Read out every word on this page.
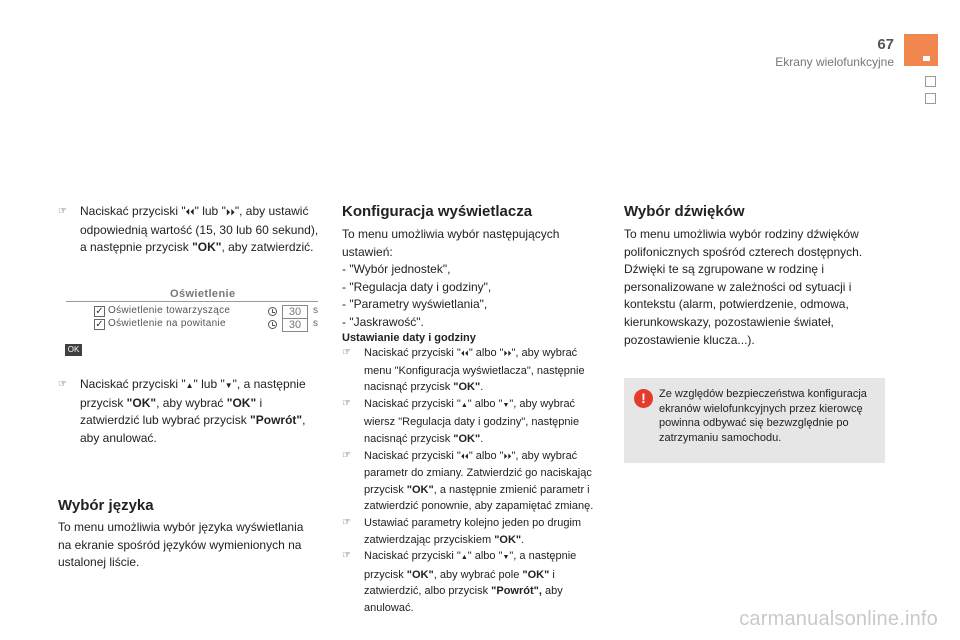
67
Ekrany wielofunkcyjne
☞ Naciskać przyciski "⏴⏴" lub "⏵⏵", aby ustawić odpowiednią wartość (15, 30 lub 60 sekund), a następnie przycisk "OK", aby zatwierdzić.
☞ Naciskać przyciski "▲" lub "▼", a następnie przycisk "OK", aby wybrać "OK" i zatwierdzić lub wybrać przycisk "Powrót", aby anulować.
Wybór języka
To menu umożliwia wybór języka wyświetlania na ekranie spośród języków wymienionych na ustalonej liście.
Oświetlenie
✓ Oświetlenie towarzyszące	30	s
✓ Oświetlenie na powitanie	30	s
OK
Konfiguracja wyświetlacza
To menu umożliwia wybór następujących ustawień:
- "Wybór jednostek",
- "Regulacja daty i godziny",
- "Parametry wyświetlania",
- "Jaskrawość".
Ustawianie daty i godziny
☞ Naciskać przyciski "⏴⏴" albo "⏵⏵", aby wybrać menu "Konfiguracja wyświetlacza", następnie nacisnąć przycisk "OK".
☞ Naciskać przyciski "▲" albo "▼", aby wybrać wiersz "Regulacja daty i godziny", następnie nacisnąć przycisk "OK".
☞ Naciskać przyciski "⏴⏴" albo "⏵⏵", aby wybrać parametr do zmiany. Zatwierdzić go naciskając przycisk "OK", a następnie zmienić parametr i zatwierdzić ponownie, aby zapamiętać zmianę.
☞ Ustawiać parametry kolejno jeden po drugim zatwierdzając przyciskiem "OK".
☞ Naciskać przyciski "▲" albo "▼", a następnie przycisk "OK", aby wybrać pole "OK" i zatwierdzić, albo przycisk "Powrót", aby anulować.
Wybór dźwięków
To menu umożliwia wybór rodziny dźwięków polifonicznych spośród czterech dostępnych. Dźwięki te są zgrupowane w rodzinę i personalizowane w zależności od sytuacji i kontekstu (alarm, potwierdzenie, odmowa, kierunkowskazy, pozostawienie świateł, pozostawienie klucza...).
!	Ze względów bezpieczeństwa konfiguracja ekranów wielofunkcyjnych przez kierowcę powinna odbywać się bezwzględnie po zatrzymaniu samochodu.
carmanualsonline.info
